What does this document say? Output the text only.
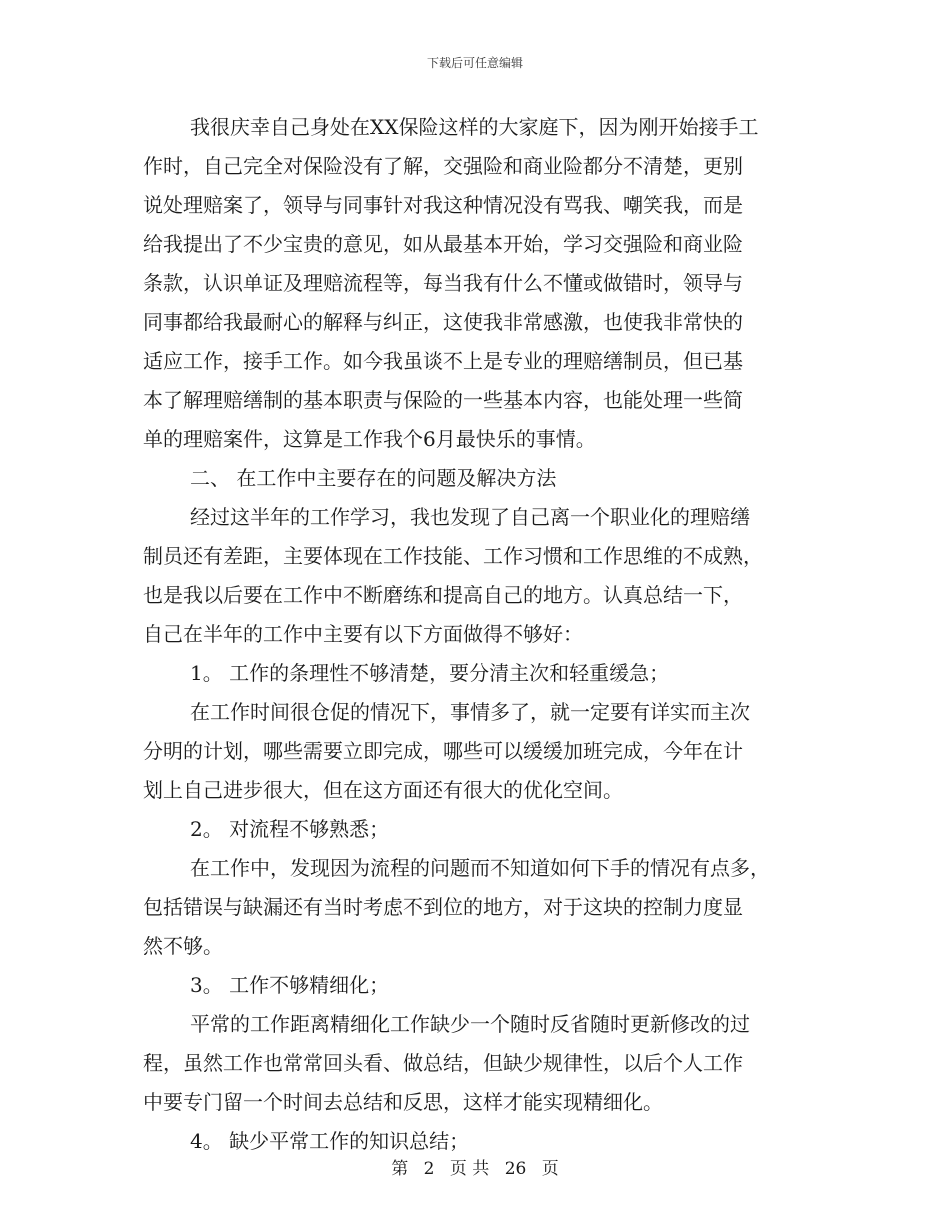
下载后可任意编辑
我很庆幸自己身处在XX保险这样的大家庭下，因为刚开始接手工
作时，自己完全对保险没有了解，交强险和商业险都分不清楚，更别
说处理赔案了，领导与同事针对我这种情况没有骂我、嘲笑我，而是
给我提出了不少宝贵的意见，如从最基本开始，学习交强险和商业险
条款，认识单证及理赔流程等，每当我有什么不懂或做错时，领导与
同事都给我最耐心的解释与纠正，这使我非常感激，也使我非常快的
适应工作，接手工作。如今我虽谈不上是专业的理赔缮制员，但已基
本了解理赔缮制的基本职责与保险的一些基本内容，也能处理一些简
单的理赔案件，这算是工作我个6月最快乐的事情。
二、 在工作中主要存在的问题及解决方法
经过这半年的工作学习，我也发现了自己离一个职业化的理赔缮
制员还有差距，主要体现在工作技能、工作习惯和工作思维的不成熟，
也是我以后要在工作中不断磨练和提高自己的地方。认真总结一下，
自己在半年的工作中主要有以下方面做得不够好：
1。 工作的条理性不够清楚，要分清主次和轻重缓急；
在工作时间很仓促的情况下，事情多了，就一定要有详实而主次
分明的计划，哪些需要立即完成，哪些可以缓缓加班完成，今年在计
划上自己进步很大，但在这方面还有很大的优化空间。
2。 对流程不够熟悉；
在工作中，发现因为流程的问题而不知道如何下手的情况有点多，
包括错误与缺漏还有当时考虑不到位的地方，对于这块的控制力度显
然不够。
3。 工作不够精细化；
平常的工作距离精细化工作缺少一个随时反省随时更新修改的过
程，虽然工作也常常回头看、做总结，但缺少规律性，以后个人工作
中要专门留一个时间去总结和反思，这样才能实现精细化。
4。 缺少平常工作的知识总结；
第 2 页 共 26 页
